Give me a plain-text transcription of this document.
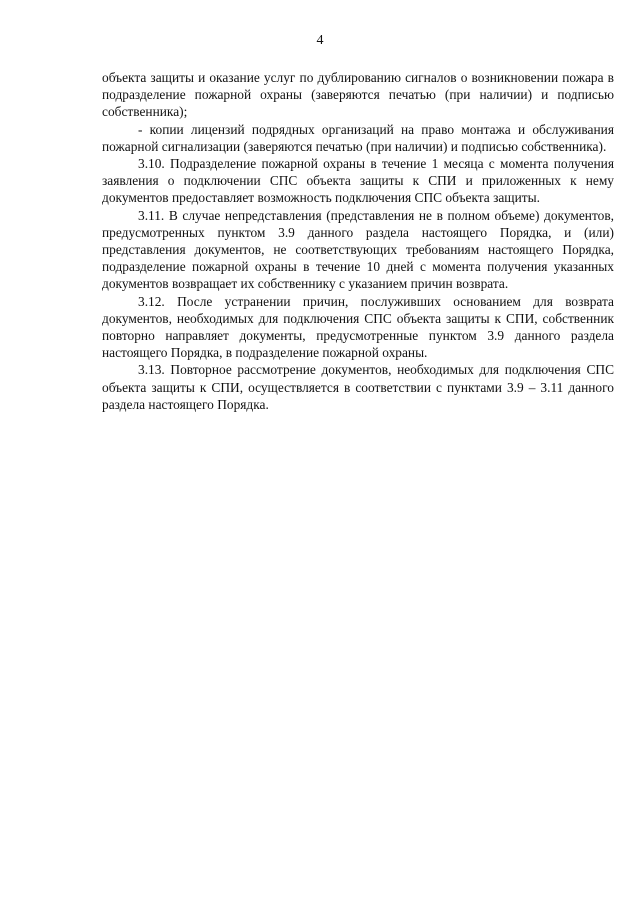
4

объекта защиты и оказание услуг по дублированию сигналов о возникновении пожара в подразделение пожарной охраны (заверяются печатью (при наличии) и подписью собственника);

- копии лицензий подрядных организаций на право монтажа и обслуживания пожарной сигнализации (заверяются печатью (при наличии) и подписью собственника).

3.10. Подразделение пожарной охраны в течение 1 месяца с момента получения заявления о подключении СПС объекта защиты к СПИ и приложенных к нему документов предоставляет возможность подключения СПС объекта защиты.

3.11. В случае непредставления (представления не в полном объеме) документов, предусмотренных пунктом 3.9 данного раздела настоящего Порядка, и (или) представления документов, не соответствующих требованиям настоящего Порядка, подразделение пожарной охраны в течение 10 дней с момента получения указанных документов возвращает их собственнику с указанием причин возврата.

3.12. После устранении причин, послуживших основанием для возврата документов, необходимых для подключения СПС объекта защиты к СПИ, собственник повторно направляет документы, предусмотренные пунктом 3.9 данного раздела настоящего Порядка, в подразделение пожарной охраны.

3.13. Повторное рассмотрение документов, необходимых для подключения СПС объекта защиты к СПИ, осуществляется в соответствии с пунктами 3.9 – 3.11 данного раздела настоящего Порядка.
